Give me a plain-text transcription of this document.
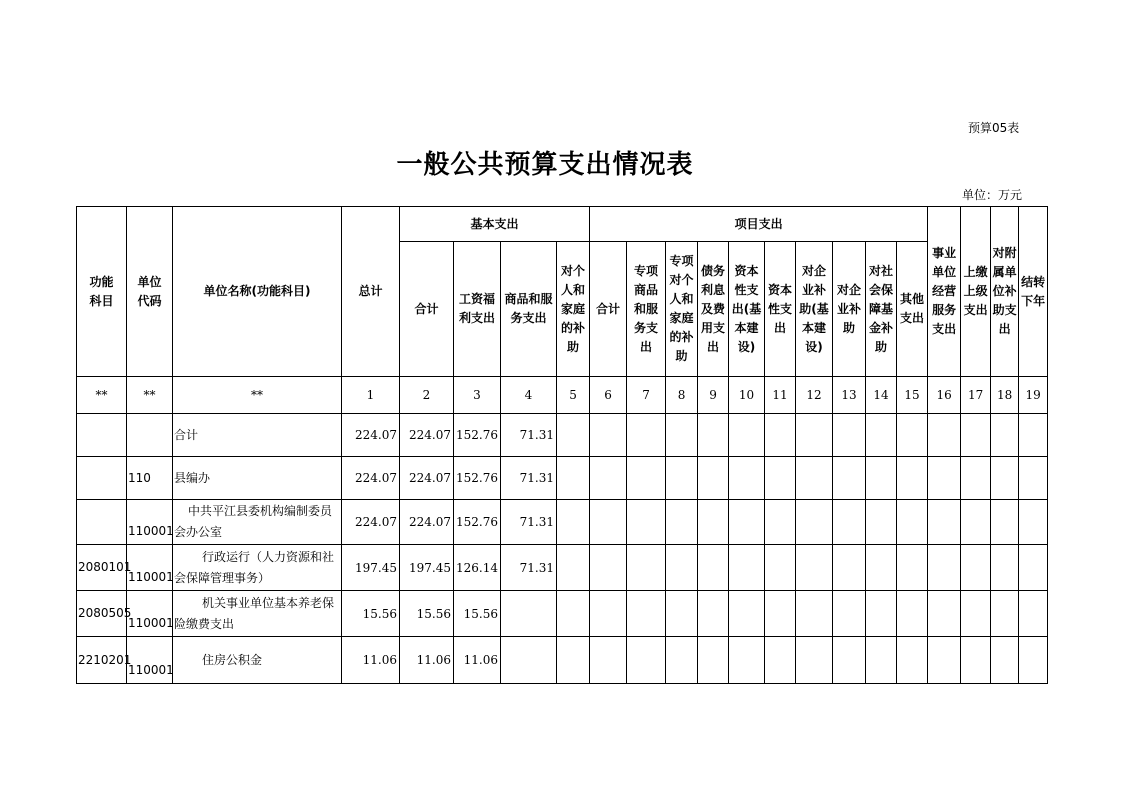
预算05表
一般公共预算支出情况表
单位：万元
功能科目	单位代码	单位名称(功能科目)	总计	基本支出				项目支出										事业单位经营服务支出	上缴上级支出	对附属单位补助支出	结转下年

				合计	工资福利支出	商品和服务支出	对个人和家庭的补助	合计	专项商品和服务支出	专项对个人和家庭的补助	债务利息及费用支出	资本性支出(基本建设)	资本性支出	对企业补助(基本建设)	对企业补助	对社会保障基金补助	其他支出				

**	**	**	1	2	3	4	5	6	7	8	9	10	11	12	13	14	15	16	17	18	19
		合计	224.07	224.07	152.76	71.31															
	110	县编办	224.07	224.07	152.76	71.31															
	110001	中共平江县委机构编制委员
会办公室	224.07	224.07	152.76	71.31															
2080101	110001	行政运行（人力资源和社
会保障管理事务）	197.45	197.45	126.14	71.31															
2080505	110001	机关事业单位基本养老保
险缴费支出	15.56	15.56	15.56																
2210201	110001	住房公积金	11.06	11.06	11.06																
